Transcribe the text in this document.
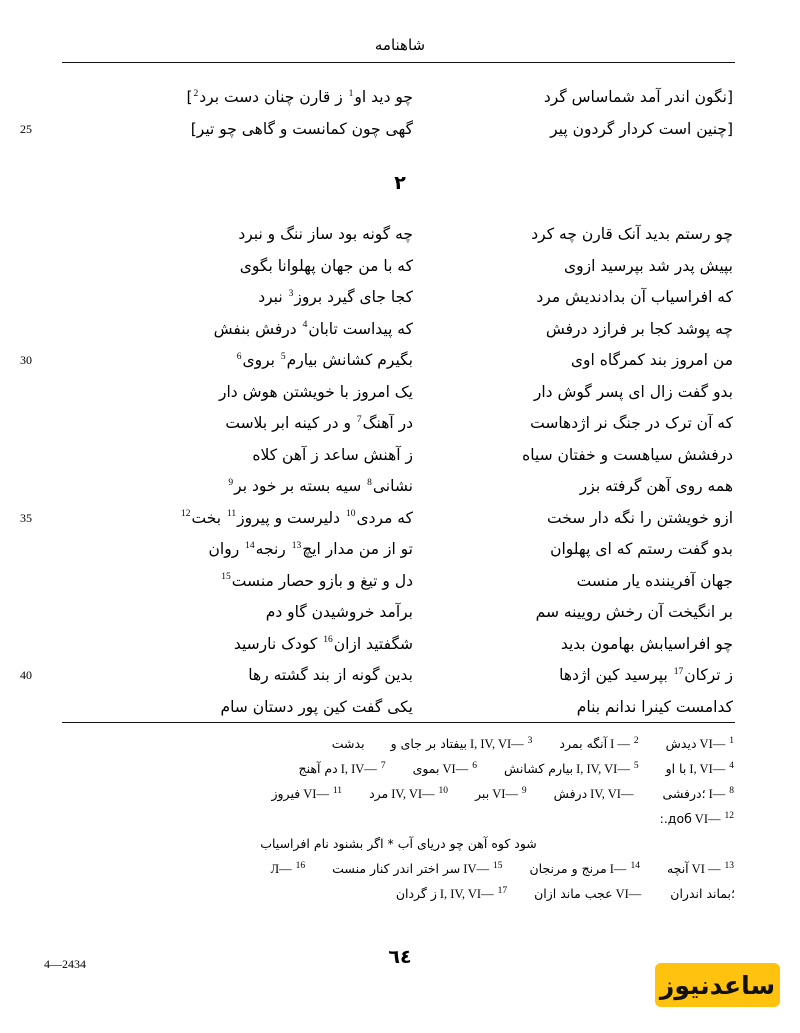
شاهنامه
[نگون اندر آمد شماساس گرد
چو دید او$^1$ ز قارن چنان دست برد$^2$]
25	[چنین است کردار گردون پیر
گهی چون کمانست و گاهی چو تیر]
٢
چو رستم بدید آنک قارن چه کرد
چه گونه بود ساز ننگ و نبرد
بپیش پدر شد بپرسید ازوی
که با من جهان پهلوانا بگوی
که افراسیاب آن بدادندیش مرد
کجا جای گیرد بروز$^3$ نبرد
چه پوشد کجا بر فرازد درفش
که پیداست تابان$^4$ درفش بنفش
30	من امروز بند کمرگاه اوی
بگیرم کشانش بیارم$^5$ بروی$^6$
بدو گفت زال ای پسر گوش دار
یک امروز با خویشتن هوش دار
که آن ترک در جنگ نر اژدهاست
در آهنگ$^7$ و در کینه ابر بلاست
درفشش سیاهست و خفتان سیاه
ز آهنش ساعد ز آهن کلاه
همه روی آهن گرفته بزر
نشانی$^8$ سیه بسته بر خود بر$^9$
35	ازو خویشتن را نگه دار سخت
که مردی$^{10}$ دلیرست و پیروز$^{11}$ بخت$^{12}$
بدو گفت رستم که ای پهلوان
تو از من مدار ایچ$^{13}$ رنجه$^{14}$ روان
جهان آفریننده یار منست
دل و تیغ و بازو حصار منست$^{15}$
بر انگیخت آن رخش رویینه سم
برآمد خروشیدن گاو دم
چو افراسیابش بهامون بدید
شگفتید ازان$^{16}$ کودک نارسید
40	ز ترکان$^{17}$ بپرسید کین اژدها
بدین گونه از بند گشته رها
کدامست کینرا ندانم بنام
یکی گفت کین پور دستان سام
$^1$VI—دیدش$^2$I —آنگه بمرد$^3$I, IV, VI—بیفتاد بر جای وبدشت
$^4$I, VI—با او$^5$I, IV, VI—بیارم کشانش$^6$VI—بموی$^7$I, IV—دم آهنج
$^8$I—؛درفشیIV, VI—درفش$^9$VI—ببر$^{10}$IV, VI—مرد$^{11}$VI—فیروز
$^{12}$VI—доб.:
شود کوه آهن چو دریای آب * اگر بشنود نام افراسیاب
$^{13}$VI —آنچه$^{14}$I—مرنج و مرنجان$^{15}$IV—سر اختر اندر کنار منست$^{16}$Л—
؛بماند اندرانVI—عجب ماند ازان$^{17}$I, IV, VI—ز گردان
4—2434	٦٤
ساعدنیوز
